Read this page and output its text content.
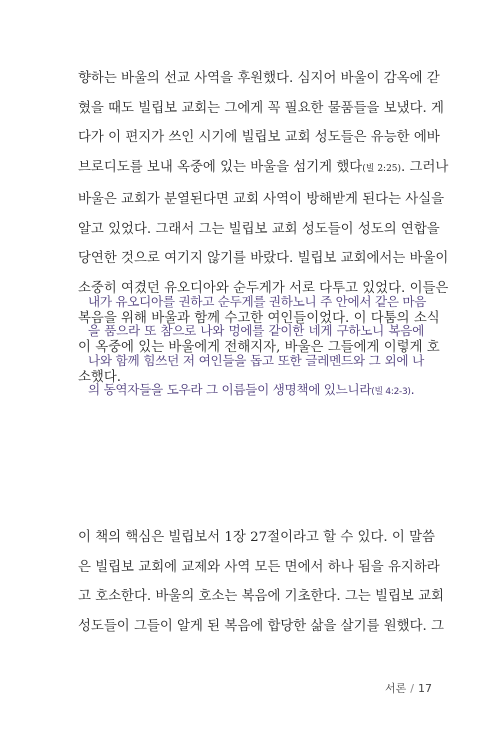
향하는 바울의 선교 사역을 후원했다. 심지어 바울이 감옥에 갇
혔을 때도 빌립보 교회는 그에게 꼭 필요한 물품들을 보냈다. 게
다가 이 편지가 쓰인 시기에 빌립보 교회 성도들은 유능한 에바
브로디도를 보내 옥중에 있는 바울을 섬기게 했다(빌 2:25). 그러나
바울은 교회가 분열된다면 교회 사역이 방해받게 된다는 사실을
알고 있었다. 그래서 그는 빌립보 교회 성도들이 성도의 연합을
당연한 것으로 여기지 않기를 바랐다. 빌립보 교회에서는 바울이
소중히 여겼던 유오디아와 순두게가 서로 다투고 있었다. 이들은
복음을 위해 바울과 함께 수고한 여인들이었다. 이 다툼의 소식
이 옥중에 있는 바울에게 전해지자, 바울은 그들에게 이렇게 호
소했다.

내가 유오디아를 권하고 순두게를 권하노니 주 안에서 같은 마음
을 품으라 또 참으로 나와 멍에를 같이한 네게 구하노니 복음에
나와 함께 힘쓰던 저 여인들을 돕고 또한 글레멘드와 그 외에 나
의 동역자들을 도우라 그 이름들이 생명책에 있느니라(빌 4:2-3).

이 책의 핵심은 빌립보서 1장 27절이라고 할 수 있다. 이 말씀
은 빌립보 교회에 교제와 사역 모든 면에서 하나 됨을 유지하라
고 호소한다. 바울의 호소는 복음에 기초한다. 그는 빌립보 교회
성도들이 그들이 알게 된 복음에 합당한 삶을 살기를 원했다. 그

서론 / 17
